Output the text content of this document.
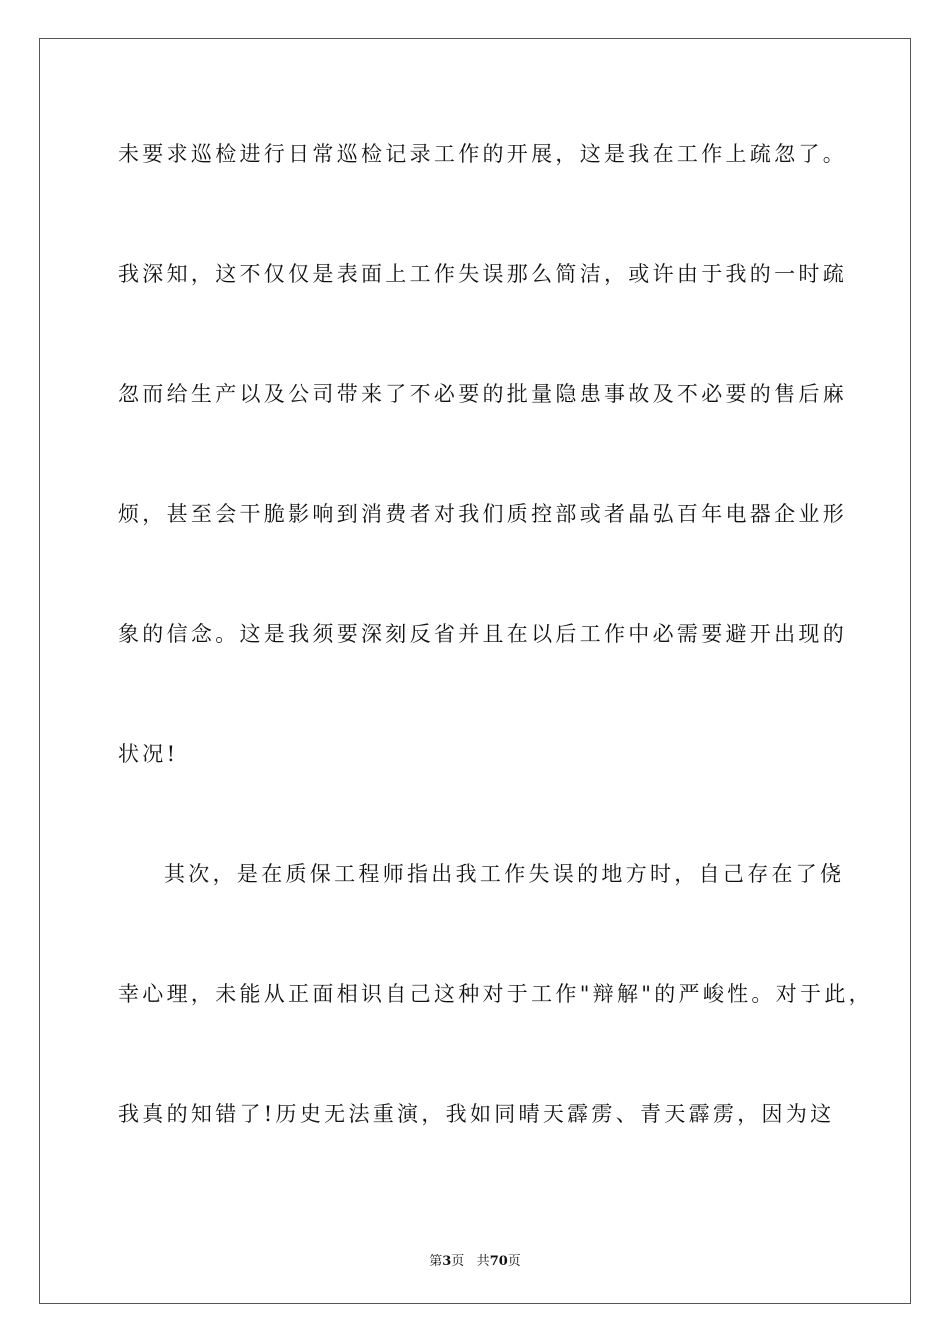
未要求巡检进行日常巡检记录工作的开展，这是我在工作上疏忽了。
我深知，这不仅仅是表面上工作失误那么简洁，或许由于我的一时疏
忽而给生产以及公司带来了不必要的批量隐患事故及不必要的售后麻
烦，甚至会干脆影响到消费者对我们质控部或者晶弘百年电器企业形
象的信念。这是我须要深刻反省并且在以后工作中必需要避开出现的
状况!
其次，是在质保工程师指出我工作失误的地方时，自己存在了侥
幸心理，未能从正面相识自己这种对于工作"辩解"的严峻性。对于此，
我真的知错了!历史无法重演，我如同晴天霹雳、青天霹雳，因为这
第3页 共70页
